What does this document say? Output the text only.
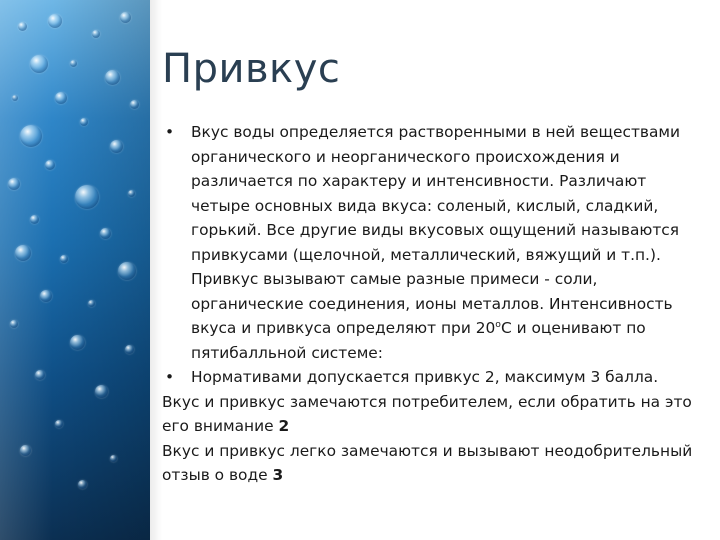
Привкус
• Вкус воды определяется растворенными в ней веществами органического и неорганического происхождения и различается по характеру и интенсивности. Различают четыре основных вида вкуса: соленый, кислый, сладкий, горький. Все другие виды вкусовых ощущений называются привкусами (щелочной, металлический, вяжущий и т.п.). Привкус вызывают самые разные примеси - соли, органические соединения, ионы металлов. Интенсивность вкуса и привкуса определяют при $20^оС$ и оценивают по пятибалльной системе:
• Нормативами допускается привкус 2, максимум 3 балла.
Вкус и привкус замечаются потребителем, если обратить на это его внимание 2
Вкус и привкус легко замечаются и вызывают неодобрительный отзыв о воде 3
